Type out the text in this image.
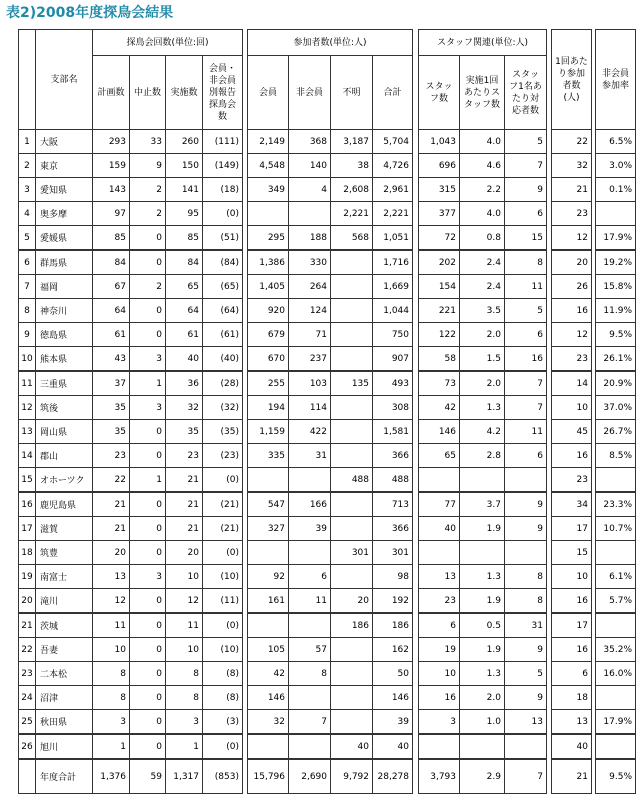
表2)2008年度探鳥会結果
	支部名	探鳥会回数(単位:回)					参加者数(単位:人)					スタッフ関連(単位:人)				1回あたり参加者数(人)		非会員参加率
		計画数	中止数	実施数	会員・非会員別報告探鳥会数		会員	非会員	不明	合計		スタッフ数	実施1回あたりスタッフ数	スタッフ1名あたり対応者数				
1	大阪	293	33	260	(111)		2,149	368	3,187	5,704		1,043	4.0	5		22		6.5%
2	東京	159	9	150	(149)		4,548	140	38	4,726		696	4.6	7		32		3.0%
3	愛知県	143	2	141	(18)		349	4	2,608	2,961		315	2.2	9		21		0.1%
4	奥多摩	97	2	95	(0)				2,221	2,221		377	4.0	6		23		
5	愛媛県	85	0	85	(51)		295	188	568	1,051		72	0.8	15		12		17.9%
6	群馬県	84	0	84	(84)		1,386	330		1,716		202	2.4	8		20		19.2%
7	福岡	67	2	65	(65)		1,405	264		1,669		154	2.4	11		26		15.8%
8	神奈川	64	0	64	(64)		920	124		1,044		221	3.5	5		16		11.9%
9	徳島県	61	0	61	(61)		679	71		750		122	2.0	6		12		9.5%
10	熊本県	43	3	40	(40)		670	237		907		58	1.5	16		23		26.1%
11	三重県	37	1	36	(28)		255	103	135	493		73	2.0	7		14		20.9%
12	筑後	35	3	32	(32)		194	114		308		42	1.3	7		10		37.0%
13	岡山県	35	0	35	(35)		1,159	422		1,581		146	4.2	11		45		26.7%
14	郡山	23	0	23	(23)		335	31		366		65	2.8	6		16		8.5%
15	オホーツク	22	1	21	(0)				488	488						23		
16	鹿児島県	21	0	21	(21)		547	166		713		77	3.7	9		34		23.3%
17	滋賀	21	0	21	(21)		327	39		366		40	1.9	9		17		10.7%
18	筑豊	20	0	20	(0)				301	301						15		
19	南富士	13	3	10	(10)		92	6		98		13	1.3	8		10		6.1%
20	滝川	12	0	12	(11)		161	11	20	192		23	1.9	8		16		5.7%
21	茨城	11	0	11	(0)				186	186		6	0.5	31		17		
22	吾妻	10	0	10	(10)		105	57		162		19	1.9	9		16		35.2%
23	二本松	8	0	8	(8)		42	8		50		10	1.3	5		6		16.0%
24	沼津	8	0	8	(8)		146			146		16	2.0	9		18		
25	秋田県	3	0	3	(3)		32	7		39		3	1.0	13		13		17.9%
26	旭川	1	0	1	(0)				40	40						40		
	年度合計	1,376	59	1,317	(853)		15,796	2,690	9,792	28,278		3,793	2.9	7		21		9.5%
